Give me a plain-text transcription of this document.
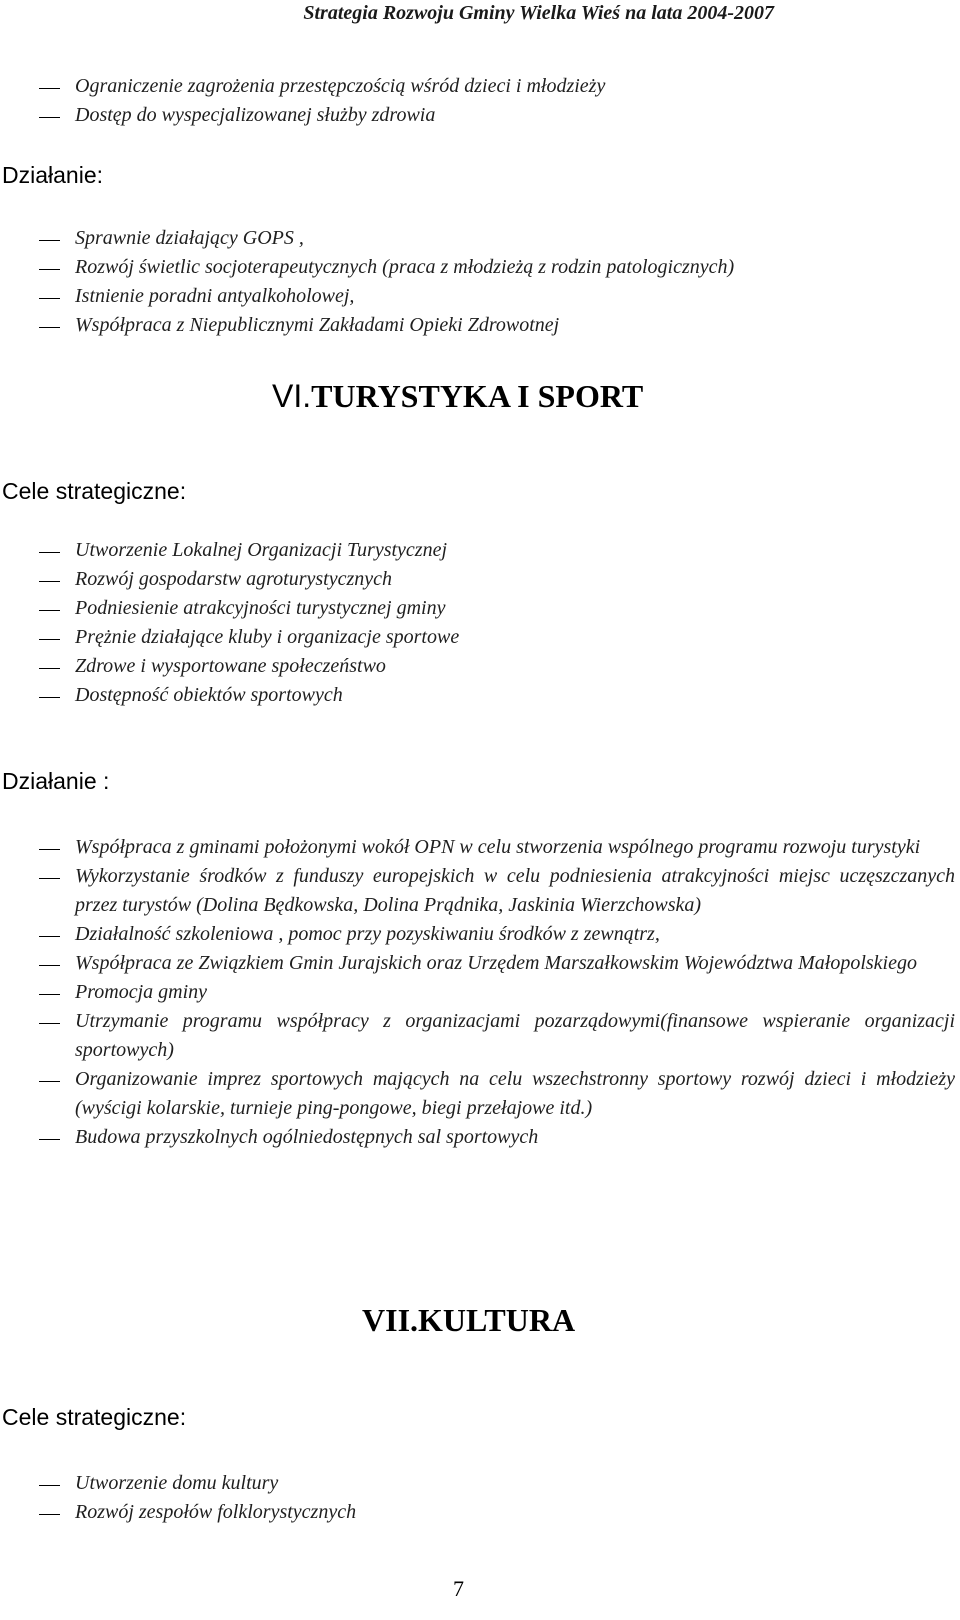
Strategia Rozwoju Gminy Wielka Wieś na lata 2004-2007
Ograniczenie zagrożenia przestępczością wśród dzieci i młodzieży
Dostęp do wyspecjalizowanej służby zdrowia
Działanie:
Sprawnie działający GOPS ,
Rozwój świetlic socjoterapeutycznych (praca z młodzieżą z rodzin patologicznych)
Istnienie poradni antyalkoholowej,
Współpraca z Niepublicznymi Zakładami Opieki Zdrowotnej
VI.TURYSTYKA I SPORT
Cele strategiczne:
Utworzenie Lokalnej Organizacji Turystycznej
Rozwój gospodarstw agroturystycznych
Podniesienie atrakcyjności turystycznej gminy
Prężnie działające kluby i organizacje sportowe
Zdrowe i wysportowane społeczeństwo
Dostępność obiektów sportowych
Działanie :
Współpraca z gminami położonymi wokół OPN w celu stworzenia wspólnego programu rozwoju turystyki
Wykorzystanie środków z funduszy europejskich w celu podniesienia atrakcyjności miejsc uczęszczanych przez turystów (Dolina Będkowska, Dolina Prądnika, Jaskinia Wierzchowska)
Działalność szkoleniowa , pomoc przy pozyskiwaniu środków z zewnątrz,
Współpraca ze Związkiem Gmin Jurajskich oraz Urzędem Marszałkowskim Województwa Małopolskiego
Promocja gminy
Utrzymanie programu współpracy z organizacjami pozarządowymi(finansowe wspieranie organizacji sportowych)
Organizowanie imprez sportowych mających na celu wszechstronny sportowy rozwój dzieci i młodzieży (wyścigi kolarskie, turnieje ping-pongowe, biegi przełajowe itd.)
Budowa przyszkolnych ogólniedostępnych sal sportowych
VII.KULTURA
Cele strategiczne:
Utworzenie domu kultury
Rozwój zespołów folklorystycznych
7
